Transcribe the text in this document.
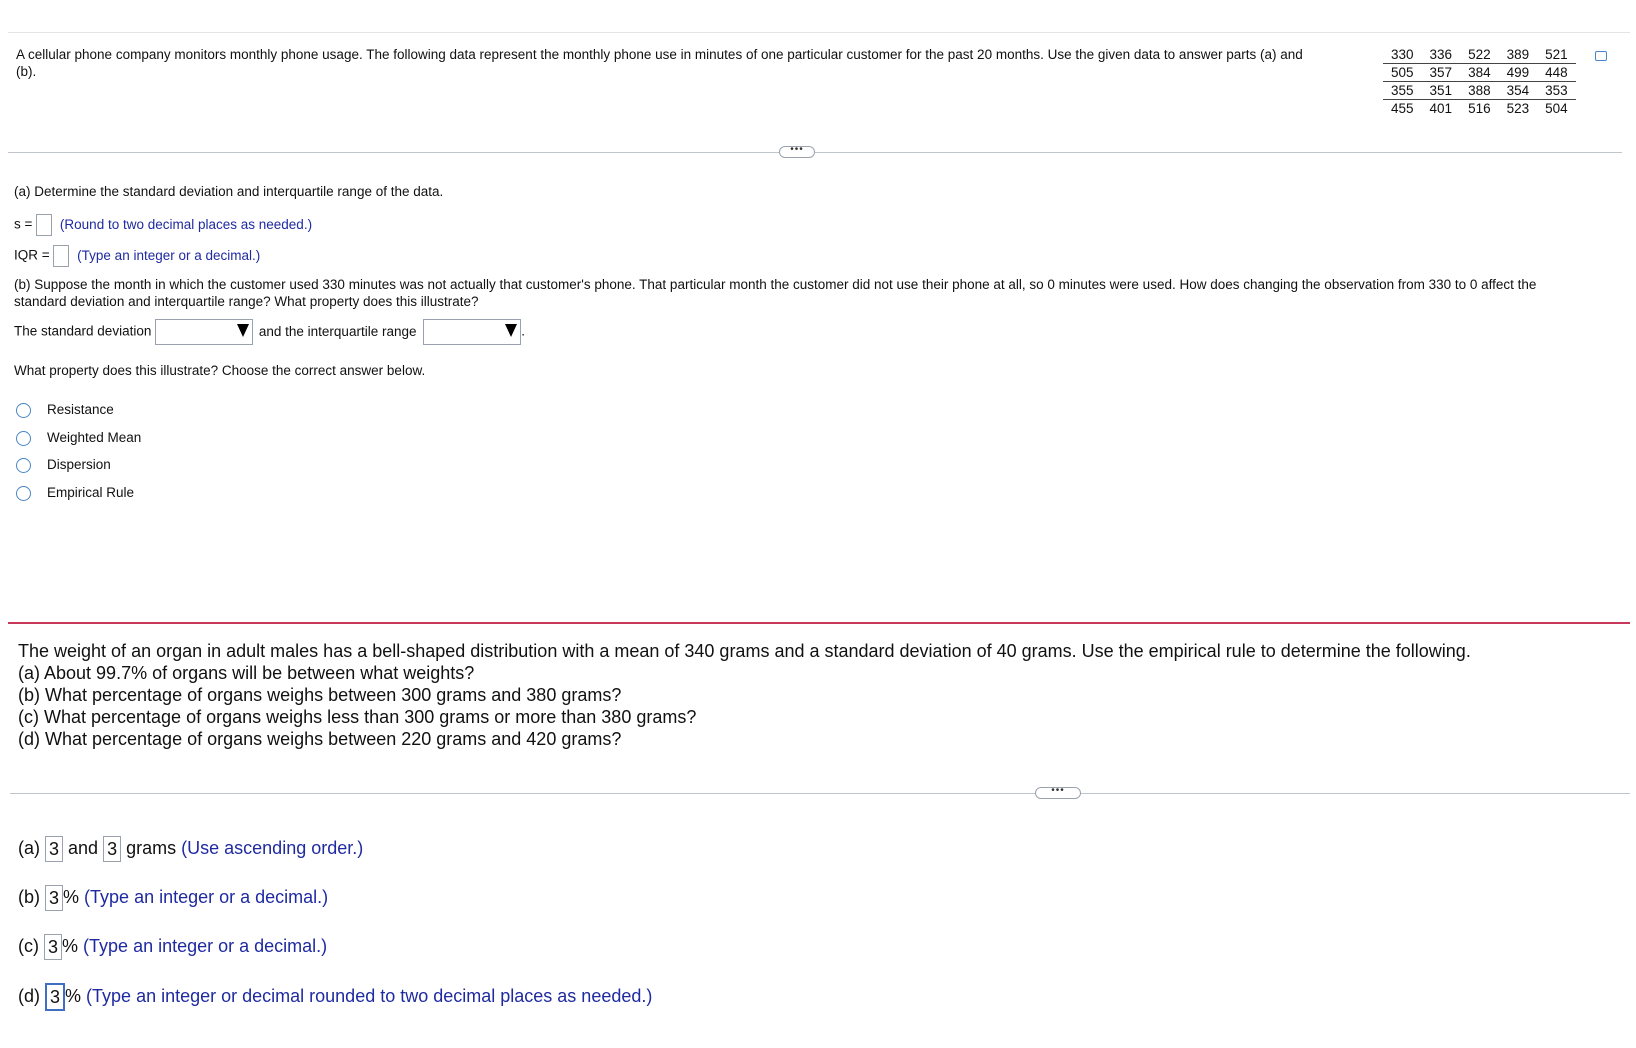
A cellular phone company monitors monthly phone usage. The following data represent the monthly phone use in minutes of one particular customer for the past 20 months. Use the given data to answer parts (a) and (b).
330	336	522	389	521
505	357	384	499	448
355	351	388	354	353
455	401	516	523	504
•••
(a) Determine the standard deviation and interquartile range of the data.
s = (Round to two decimal places as needed.)
IQR = (Type an integer or a decimal.)
(b) Suppose the month in which the customer used 330 minutes was not actually that customer's phone. That particular month the customer did not use their phone at all, so 0 minutes were used. How does changing the observation from 330 to 0 affect the standard deviation and interquartile range? What property does this illustrate?
The standard deviation	and the interquartile range	.
What property does this illustrate? Choose the correct answer below.
Resistance
Weighted Mean
Dispersion
Empirical Rule
The weight of an organ in adult males has a bell-shaped distribution with a mean of 340 grams and a standard deviation of 40 grams. Use the empirical rule to determine the following.
(a) About 99.7% of organs will be between what weights?
(b) What percentage of organs weighs between 300 grams and 380 grams?
(c) What percentage of organs weighs less than 300 grams or more than 380 grams?
(d) What percentage of organs weighs between 220 grams and 420 grams?
•••
(a) 3 and 3 grams (Use ascending order.)
(b) 3 % (Type an integer or a decimal.)
(c) 3 % (Type an integer or a decimal.)
(d) 3 % (Type an integer or decimal rounded to two decimal places as needed.)
